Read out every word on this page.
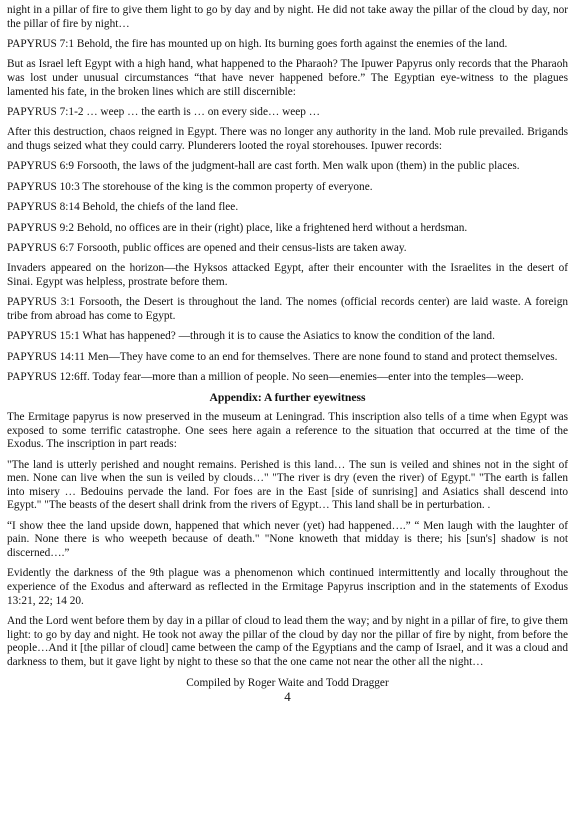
night in a pillar of fire to give them light to go by day and by night. He did not take away the pillar of the cloud by day, nor the pillar of fire by night…

PAPYRUS 7:1 Behold, the fire has mounted up on high. Its burning goes forth against the enemies of the land.

But as Israel left Egypt with a high hand, what happened to the Pharaoh? The Ipuwer Papyrus only records that the Pharaoh was lost under unusual circumstances “that have never happened before.” The Egyptian eye-witness to the plagues lamented his fate, in the broken lines which are still discernible:

PAPYRUS 7:1-2 … weep … the earth is … on every side… weep …

After this destruction, chaos reigned in Egypt. There was no longer any authority in the land. Mob rule prevailed. Brigands and thugs seized what they could carry. Plunderers looted the royal storehouses. Ipuwer records:

PAPYRUS 6:9 Forsooth, the laws of the judgment-hall are cast forth. Men walk upon (them) in the public places.

PAPYRUS 10:3 The storehouse of the king is the common property of everyone.

PAPYRUS 8:14 Behold, the chiefs of the land flee.

PAPYRUS 9:2 Behold, no offices are in their (right) place, like a frightened herd without a herdsman.

PAPYRUS 6:7 Forsooth, public offices are opened and their census-lists are taken away.

Invaders appeared on the horizon—the Hyksos attacked Egypt, after their encounter with the Israelites in the desert of Sinai. Egypt was helpless, prostrate before them.

PAPYRUS 3:1 Forsooth, the Desert is throughout the land. The nomes (official records center) are laid waste. A foreign tribe from abroad has come to Egypt.

PAPYRUS 15:1 What has happened? —through it is to cause the Asiatics to know the condition of the land.

PAPYRUS 14:11 Men—They have come to an end for themselves. There are none found to stand and protect themselves.

PAPYRUS 12:6ff. Today fear—more than a million of people. No seen—enemies—enter into the temples—weep.

Appendix: A further eyewitness

The Ermitage papyrus is now preserved in the museum at Leningrad. This inscription also tells of a time when Egypt was exposed to some terrific catastrophe. One sees here again a reference to the situation that occurred at the time of the Exodus. The inscription in part reads:

"The land is utterly perished and nought remains. Perished is this land… The sun is veiled and shines not in the sight of men. None can live when the sun is veiled by clouds…" "The river is dry (even the river) of Egypt." "The earth is fallen into misery … Bedouins pervade the land. For foes are in the East [side of sunrising] and Asiatics shall descend into Egypt." "The beasts of the desert shall drink from the rivers of Egypt… This land shall be in perturbation. .

“I show thee the land upside down, happened that which never (yet) had happened….” “ Men laugh with the laughter of pain. None there is who weepeth because of death." "None knoweth that midday is there; his [sun's] shadow is not discerned….”

Evidently the darkness of the 9th plague was a phenomenon which continued intermittently and locally throughout the experience of the Exodus and afterward as reflected in the Ermitage Papyrus inscription and in the statements of Exodus 13:21, 22; 14 20.

And the Lord went before them by day in a pillar of cloud to lead them the way; and by night in a pillar of fire, to give them light: to go by day and night. He took not away the pillar of the cloud by day nor the pillar of fire by night, from before the people…And it [the pillar of cloud] came between the camp of the Egyptians and the camp of Israel, and it was a cloud and darkness to them, but it gave light by night to these so that the one came not near the other all the night…

Compiled by Roger Waite and Todd Dragger
4
